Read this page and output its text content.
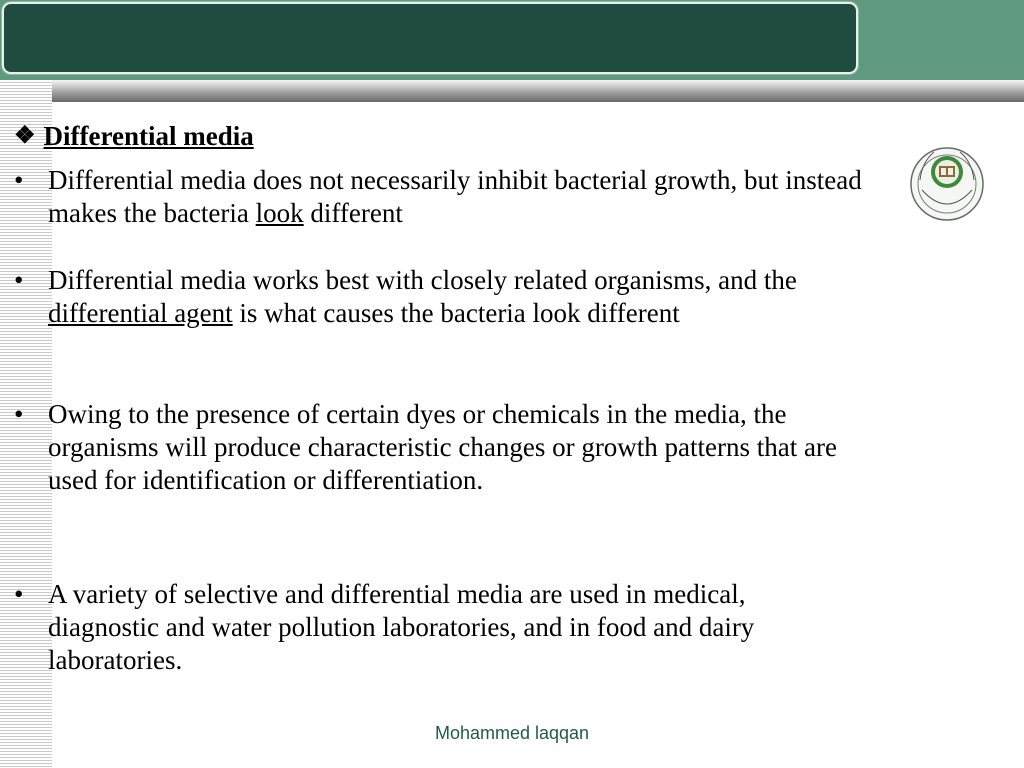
❖ Differential media
• Differential media does not necessarily inhibit bacterial growth, but instead makes the bacteria look different
• Differential media works best with closely related organisms, and the differential agent is what causes the bacteria look different
• Owing to the presence of certain dyes or chemicals in the media, the organisms will produce characteristic changes or growth patterns that are used for identification or differentiation.
• A variety of selective and differential media are used in medical, diagnostic and water pollution laboratories, and in food and dairy laboratories.
Mohammed laqqan
